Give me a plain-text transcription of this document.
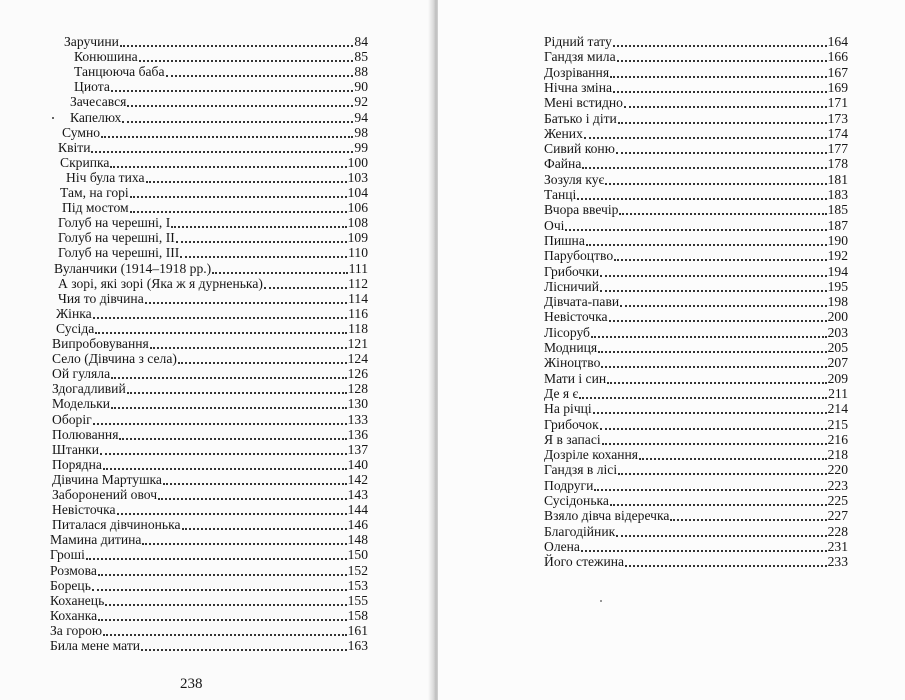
Заручини	84
Конюшина	85
Танцююча баба	88
Циота	90
Зачесався	92
Капелюх	94
Сумно	98
Квіти	99
Скрипка	100
Ніч була тиха	103
Там, на горі	104
Під мостом	106
Голуб на черешні, I	108
Голуб на черешні, II	109
Голуб на черешні, III	110
Вуланчики (1914–1918 рр.)	111
А зорі, які зорі (Яка ж я дурненька)	112
Чия то дівчина	114
Жінка	116
Сусіда	118
Випробовування	121
Село (Дівчина з села)	124
Ой гуляла	126
Здогадливий	128
Модельки	130
Оборіг	133
Полювання	136
Штанки	137
Порядна	140
Дівчина Мартушка	142
Заборонений овоч	143
Невісточка	144
Питалася дівчинонька	146
Мамина дитина	148
Гроші	150
Розмова	152
Борець	153
Коханець	155
Коханка	158
За горою	161
Била мене мати	163
238
Рідний тату	164
Гандзя мила	166
Дозрівання	167
Нічна зміна	169
Мені встидно	171
Батько і діти	173
Жених	174
Сивий коню	177
Файна	178
Зозуля кує	181
Танці	183
Вчора ввечір	185
Очі	187
Пишна	190
Парубоцтво	192
Грибочки	194
Лісничий	195
Дівчата-пави	198
Невісточка	200
Лісоруб	203
Модниця	205
Жіноцтво	207
Мати і син	209
Де я є	211
На річці	214
Грибочок	215
Я в запасі	216
Дозріле кохання	218
Гандзя в лісі	220
Подруги	223
Сусідонька	225
Взяло дівча відеречка	227
Благодійник	228
Олена	231
Його стежина	233
